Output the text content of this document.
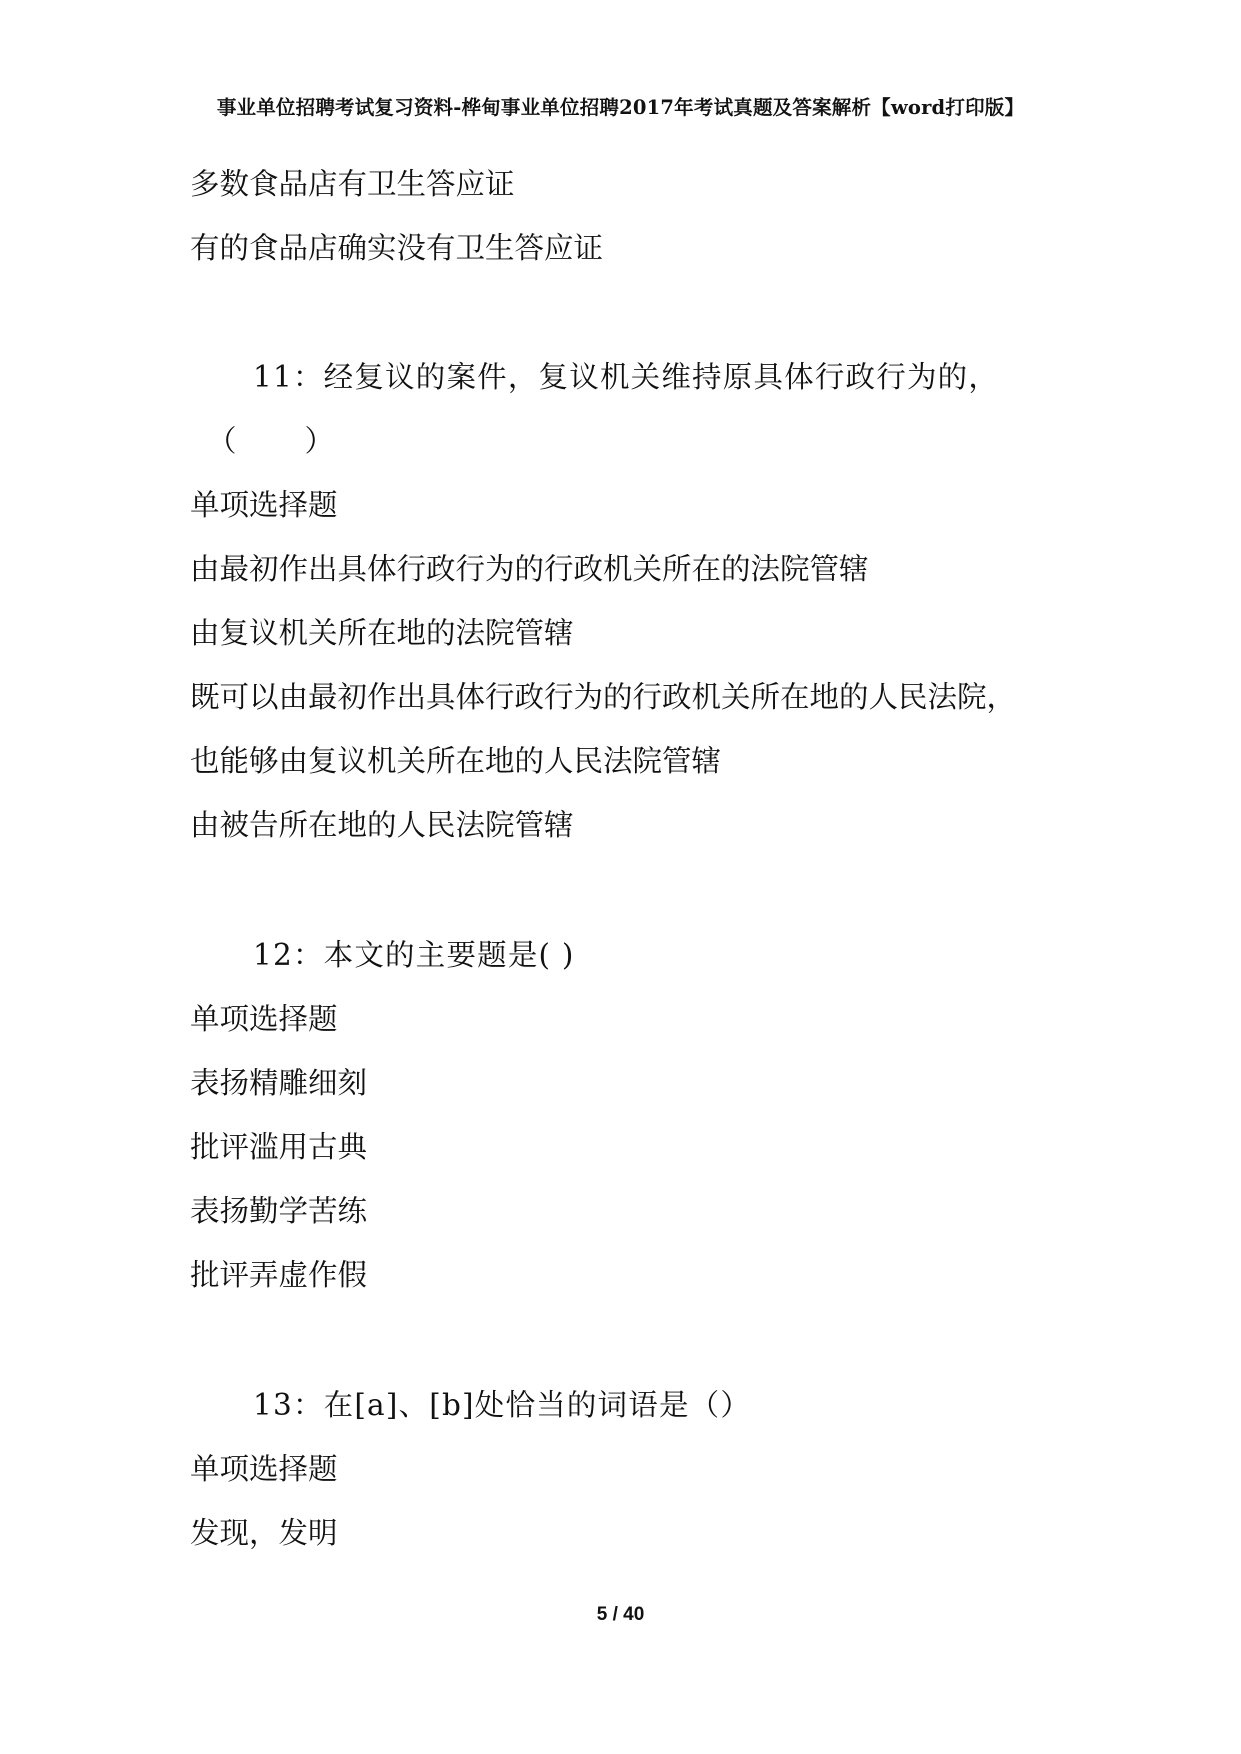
事业单位招聘考试复习资料-桦甸事业单位招聘2017年考试真题及答案解析【word打印版】
多数食品店有卫生答应证
有的食品店确实没有卫生答应证
11：经复议的案件，复议机关维持原具体行政行为的，
（ ）
单项选择题
由最初作出具体行政行为的行政机关所在的法院管辖
由复议机关所在地的法院管辖
既可以由最初作出具体行政行为的行政机关所在地的人民法院，
也能够由复议机关所在地的人民法院管辖
由被告所在地的人民法院管辖
12：本文的主要题是( )
单项选择题
表扬精雕细刻
批评滥用古典
表扬勤学苦练
批评弄虚作假
13：在[a]、[b]处恰当的词语是（）
单项选择题
发现，发明
5 / 40
